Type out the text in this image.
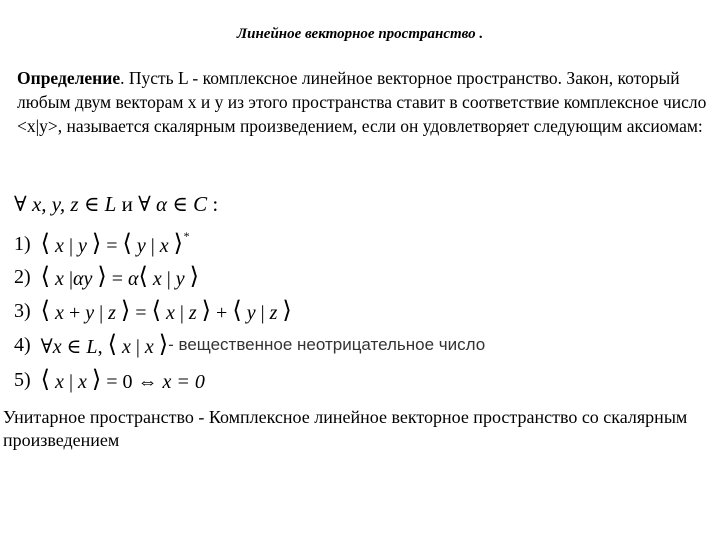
Линейное векторное пространство .
Определение. Пусть L - комплексное линейное векторное пространство. Закон, который любым двум векторам x и y из этого пространства ставит в соответствие комплексное число <x|y>, называется скалярным произведением, если он удовлетворяет следующим аксиомам:
∀ x, y, z ∈ L и ∀ α ∈ C :
1) ⟨ x | y ⟩ = ⟨ y | x ⟩*
2) ⟨ x |αy ⟩ = α⟨ x | y ⟩
3) ⟨ x + y | z ⟩ = ⟨ x | z ⟩ + ⟨ y | z ⟩
4) ∀x ∈ L, ⟨ x | x ⟩ - вещественное неотрицательное число
5) ⟨ x | x ⟩ = 0 ⇔ x = 0
Унитарное пространство - Комплексное линейное векторное пространство со скалярным произведением
